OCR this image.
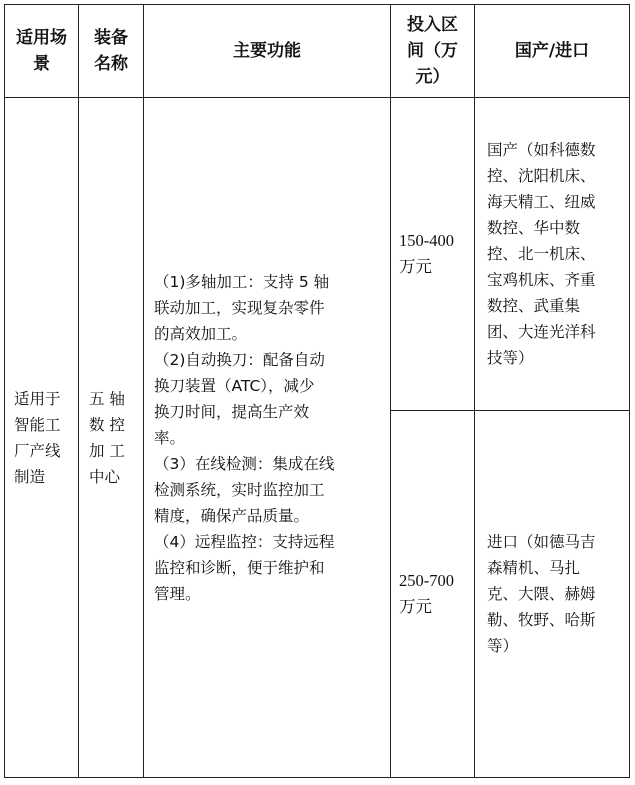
适用场
景
装备
名称
主要功能
投入区
间（万
元）
国产/进口
适用于
智能工
厂产线
制造
五 轴
数 控
加 工
中心
（1)多轴加工：支持 5 轴
联动加工，实现复杂零件
的高效加工。
（2)自动换刀：配备自动
换刀装置（ATC），减少
换刀时间，提高生产效
率。
（3）在线检测：集成在线
检测系统，实时监控加工
精度，确保产品质量。
（4）远程监控：支持远程
监控和诊断，便于维护和
管理。
150-400
万元
国产（如科德数
控、沈阳机床、
海天精工、纽威
数控、华中数
控、北一机床、
宝鸡机床、齐重
数控、武重集
团、大连光洋科
技等）
250-700
万元
进口（如德马吉
森精机、马扎
克、大隈、赫姆
勒、牧野、哈斯
等）
